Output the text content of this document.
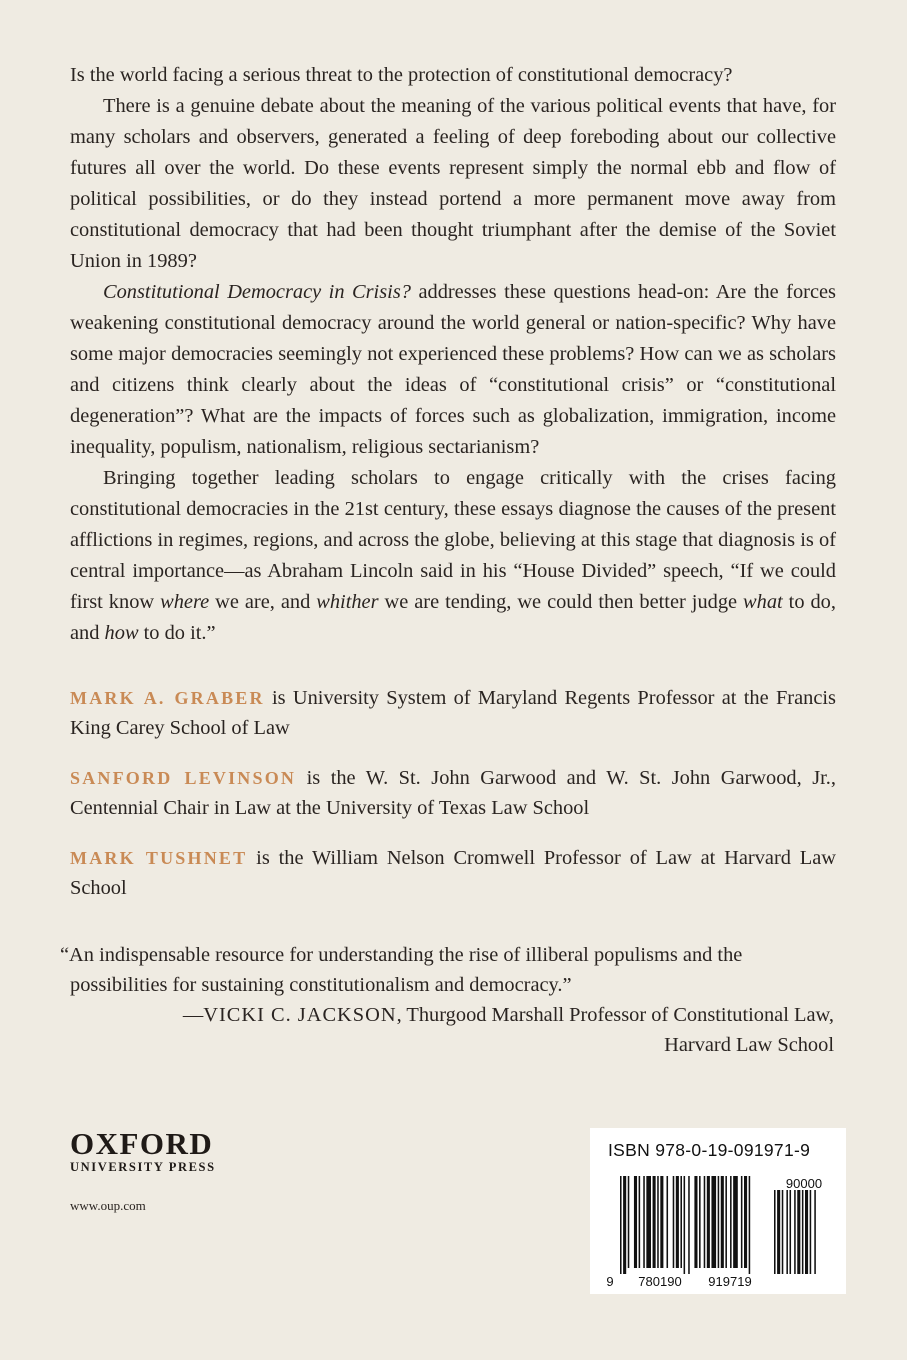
Is the world facing a serious threat to the protection of constitutional democracy?

There is a genuine debate about the meaning of the various political events that have, for many scholars and observers, generated a feeling of deep foreboding about our collective futures all over the world. Do these events represent simply the normal ebb and flow of political possibilities, or do they instead portend a more permanent move away from constitutional democracy that had been thought triumphant after the demise of the Soviet Union in 1989?

Constitutional Democracy in Crisis? addresses these questions head-on: Are the forces weakening constitutional democracy around the world general or nation-specific? Why have some major democracies seemingly not experienced these problems? How can we as scholars and citizens think clearly about the ideas of “constitutional crisis” or “constitutional degeneration”? What are the impacts of forces such as globalization, immigration, income inequality, populism, nationalism, religious sectarianism?

Bringing together leading scholars to engage critically with the crises facing constitutional democracies in the 21st century, these essays diagnose the causes of the present afflictions in regimes, regions, and across the globe, believing at this stage that diagnosis is of central importance—as Abraham Lincoln said in his “House Divided” speech, “If we could first know where we are, and whither we are tending, we could then better judge what to do, and how to do it.”

MARK A. GRABER is University System of Maryland Regents Professor at the Francis King Carey School of Law

SANFORD LEVINSON is the W. St. John Garwood and W. St. John Garwood, Jr., Centennial Chair in Law at the University of Texas Law School

MARK TUSHNET is the William Nelson Cromwell Professor of Law at Harvard Law School

“An indispensable resource for understanding the rise of illiberal populisms and the

possibilities for sustaining constitutionalism and democracy.”

—VICKI C. JACKSON, Thurgood Marshall Professor of Constitutional Law,

Harvard Law School

OXFORD
UNIVERSITY PRESS
www.oup.com
ISBN 978-0-19-091971-9
90000
9 780190 919719
